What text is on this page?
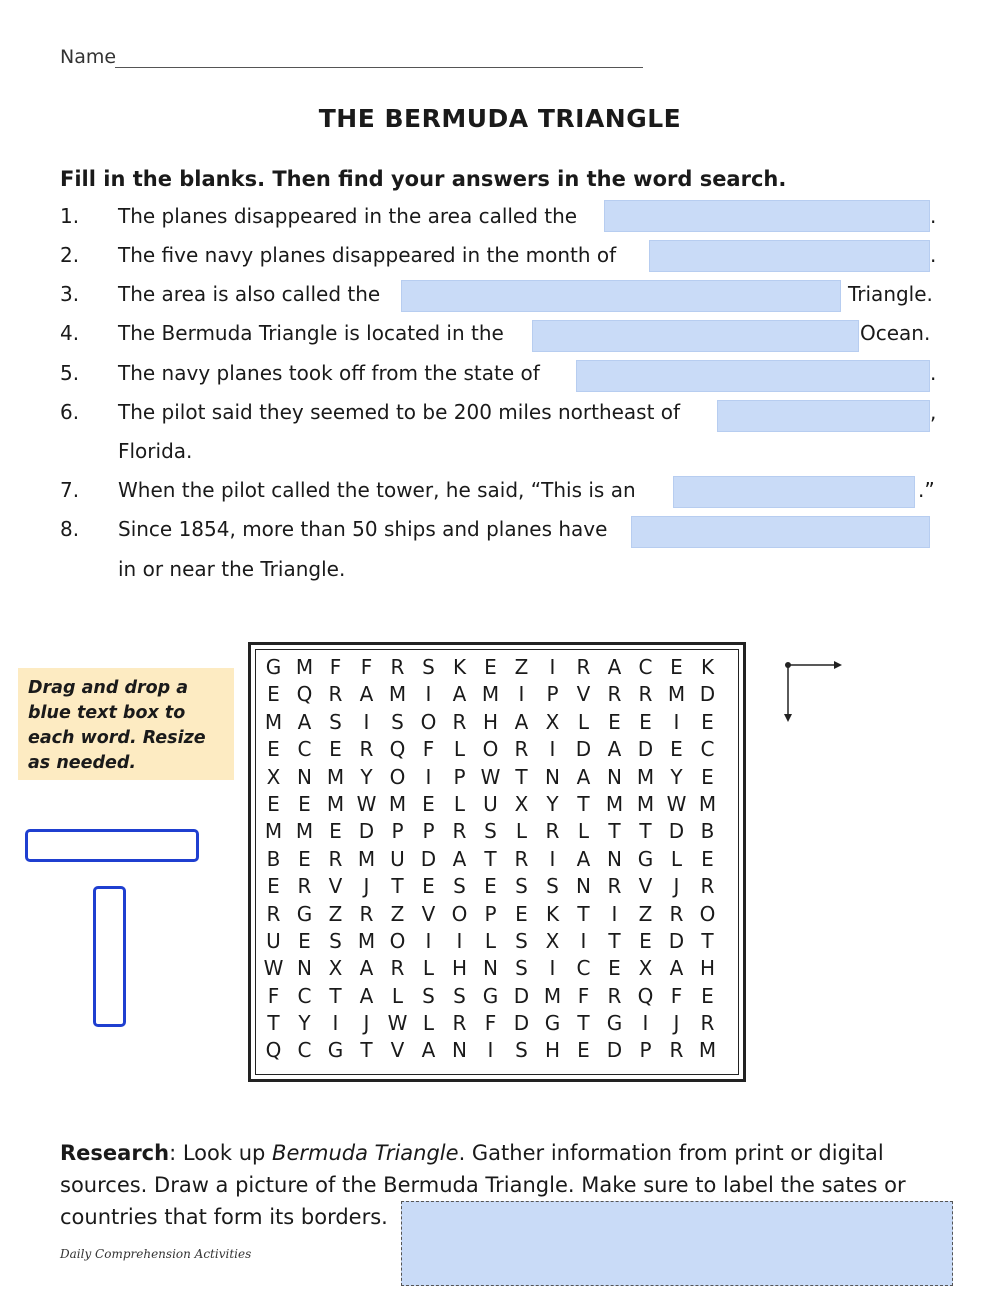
Name
THE BERMUDA TRIANGLE
Fill in the blanks. Then find your answers in the word search.
1. The planes disappeared in the area called the	.
2. The five navy planes disappeared in the month of	.
3. The area is also called the	Triangle.
4. The Bermuda Triangle is located in the	Ocean.
5. The navy planes took off from the state of	.
6. The pilot said they seemed to be 200 miles northeast of	,
Florida.
7. When the pilot called the tower, he said, “This is an	.”
8. Since 1854, more than 50 ships and planes have
in or near the Triangle.
Drag and drop a blue text box to each word. Resize as needed.
G M F F R S K E Z	I	R A C E K
E Q R A M I	A M I	P V R R M D
M A S	I	S O R H A X L E E	I	E
E C E R Q F L O R	I	D A D E C
X N M Y O	I	P W T N A N M Y E
E E M W M E L U X Y T M M W M
M M E D P P R S L R L T T D B
B E R M U D A T R	I	A N G L E
E R V	J	T E S E S S N R V	J	R
R G Z R Z V O P E K T	I	Z R O
U E S M O	I	I	L S X	I	T E D T
W N X A R L H N S	I	C E X A H
F C T A L S S G D M F R Q F E
T Y	I	J W L R F D G T G	I	J	R
Q C G T V A N	I	S H E D P R M
Research: Look up Bermuda Triangle. Gather information from print or digital sources. Draw a picture of the Bermuda Triangle. Make sure to label the sates or countries that form its borders.
Daily Comprehension Activities
